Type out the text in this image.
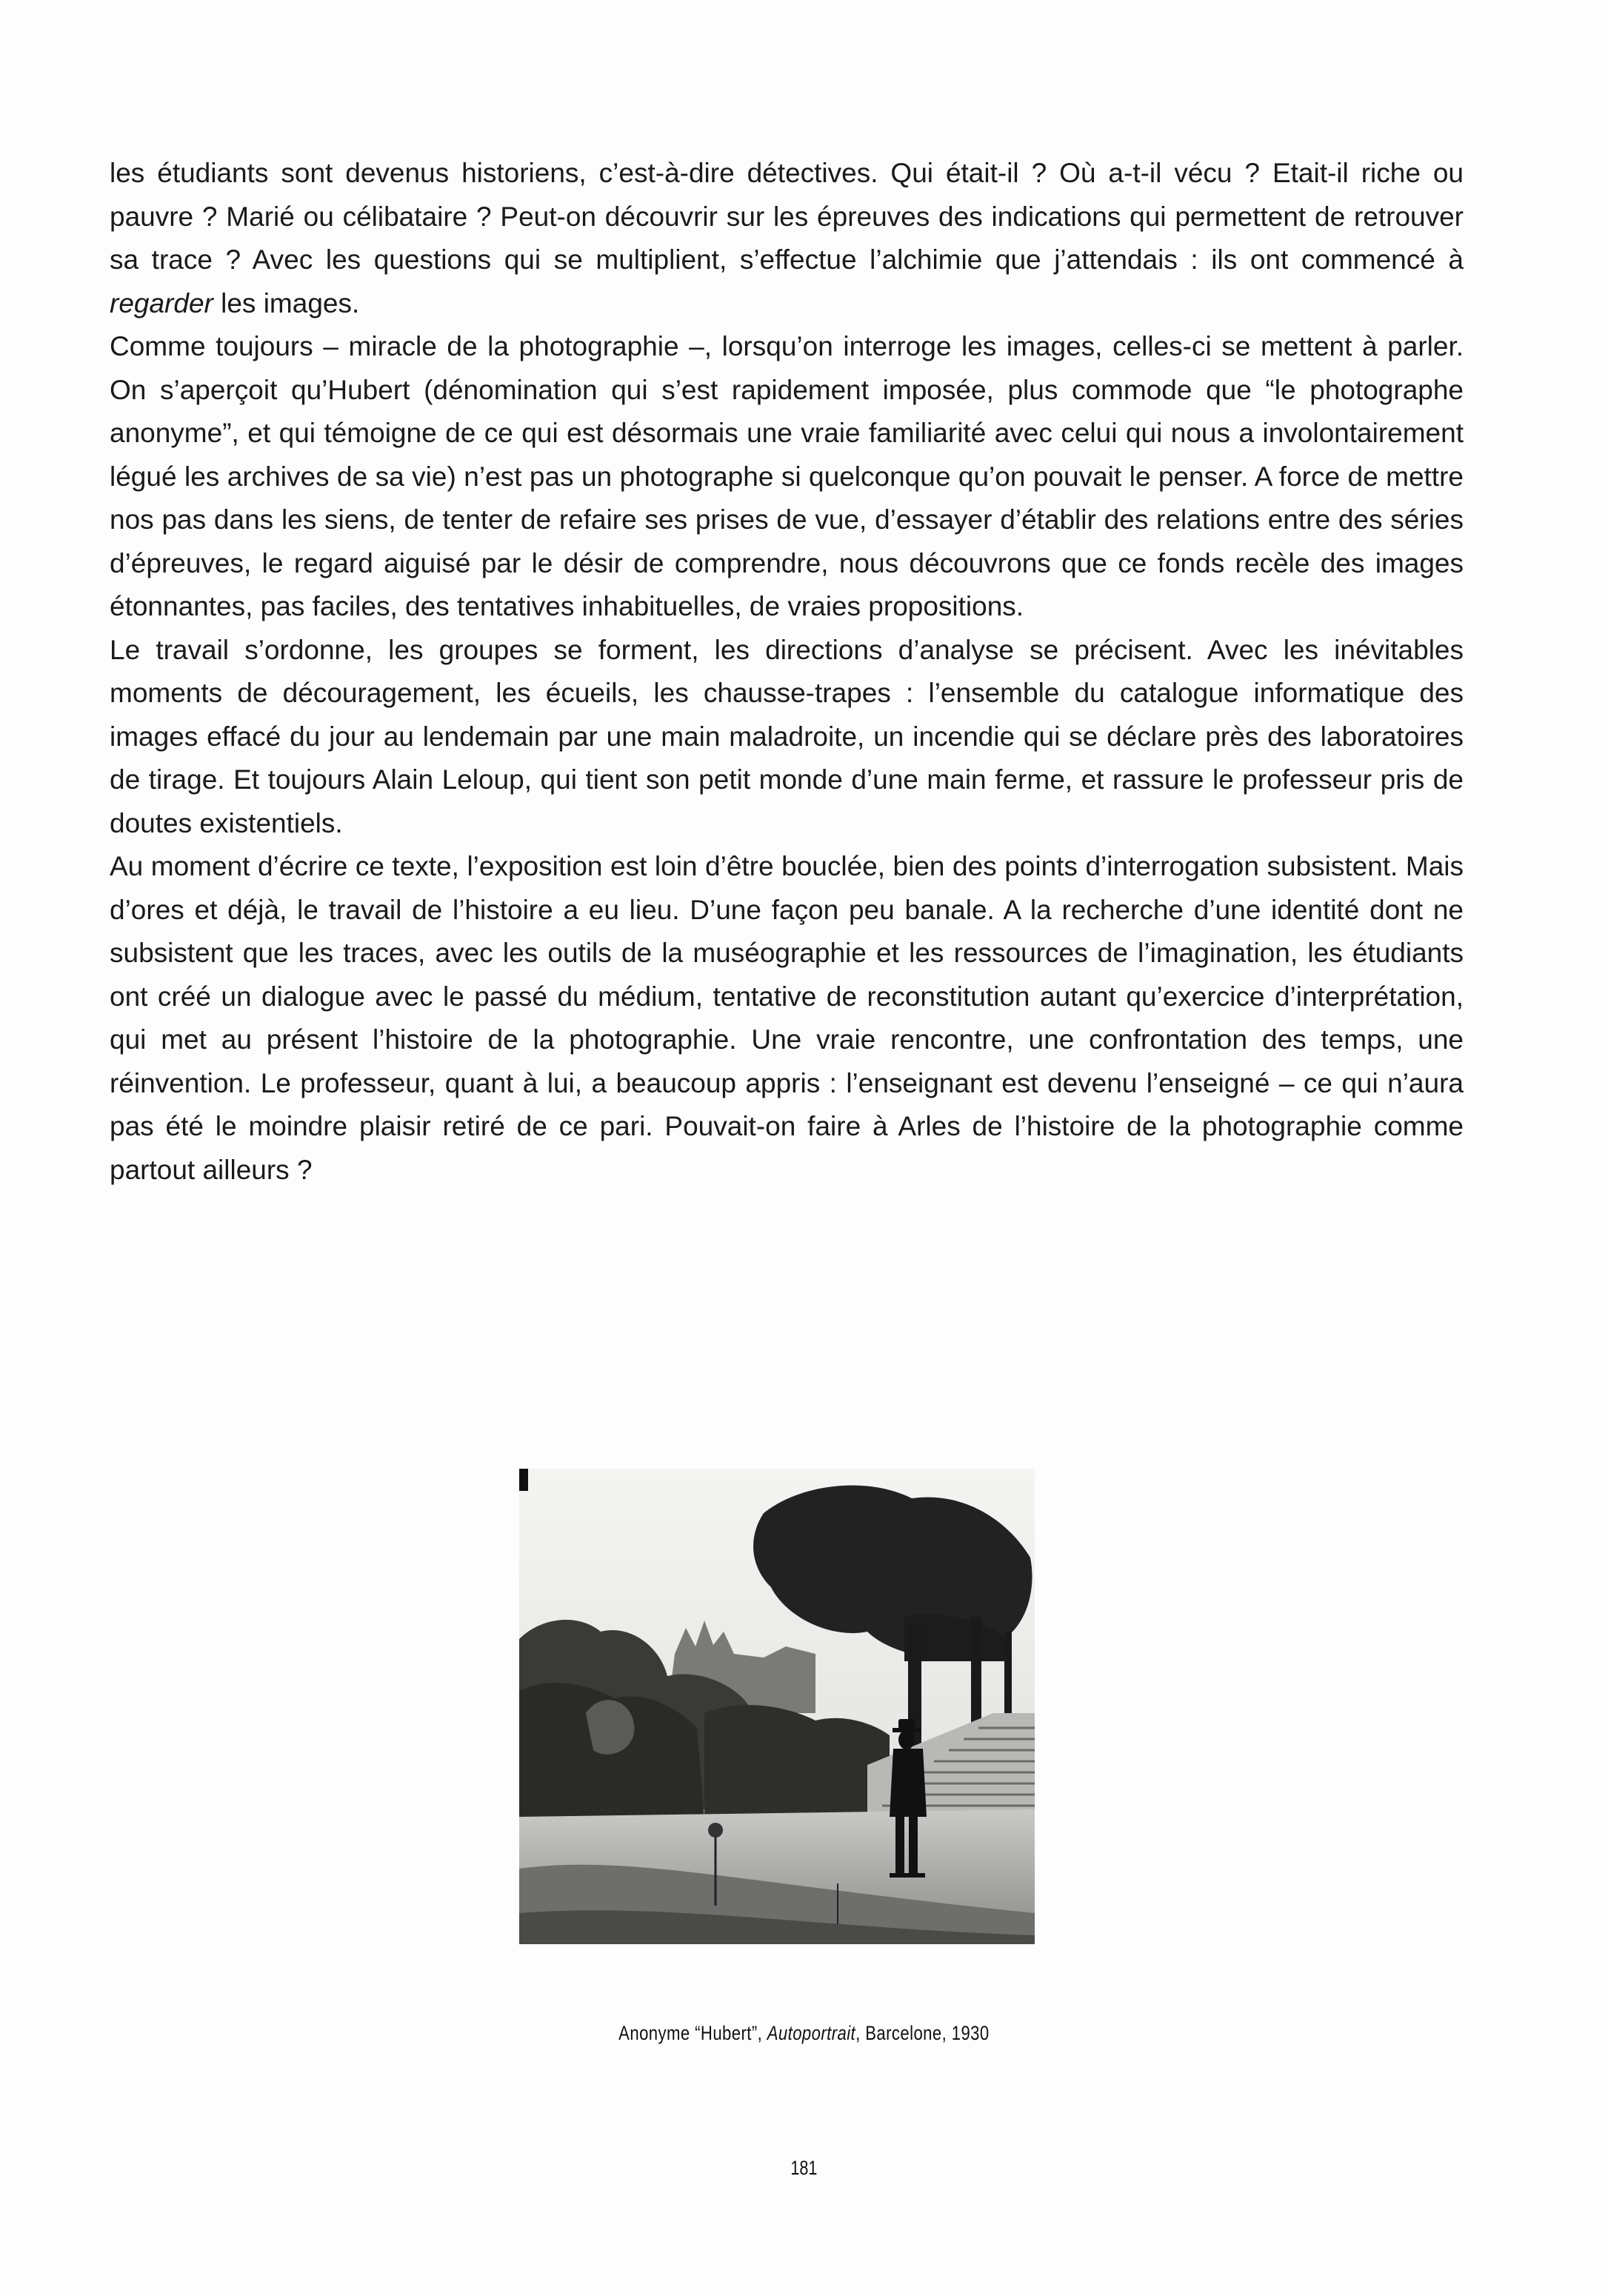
les étudiants sont devenus historiens, c’est-à-dire détectives. Qui était-il ? Où a-t-il vécu ? Etait-il riche ou pauvre ? Marié ou célibataire ? Peut-on découvrir sur les épreuves des indications qui permettent de retrouver sa trace ? Avec les questions qui se multiplient, s’effectue l’alchimie que j’attendais : ils ont commencé à regarder les images.

Comme toujours – miracle de la photographie –, lorsqu’on interroge les images, celles-ci se mettent à parler. On s’aperçoit qu’Hubert (dénomination qui s’est rapidement imposée, plus commode que “le photographe anonyme”, et qui témoigne de ce qui est désormais une vraie familiarité avec celui qui nous a involontairement légué les archives de sa vie) n’est pas un photographe si quelconque qu’on pouvait le penser. A force de mettre nos pas dans les siens, de tenter de refaire ses prises de vue, d’essayer d’établir des relations entre des séries d’épreuves, le regard aiguisé par le désir de comprendre, nous découvrons que ce fonds recèle des images étonnantes, pas faciles, des tentatives inhabituelles, de vraies propositions.

Le travail s’ordonne, les groupes se forment, les directions d’analyse se précisent. Avec les inévitables moments de découragement, les écueils, les chausse-trapes : l’ensemble du catalogue informatique des images effacé du jour au lendemain par une main maladroite, un incendie qui se déclare près des laboratoires de tirage. Et toujours Alain Leloup, qui tient son petit monde d’une main ferme, et rassure le professeur pris de doutes existentiels.

Au moment d’écrire ce texte, l’exposition est loin d’être bouclée, bien des points d’interrogation subsistent. Mais d’ores et déjà, le travail de l’histoire a eu lieu. D’une façon peu banale. A la recherche d’une identité dont ne subsistent que les traces, avec les outils de la muséographie et les ressources de l’imagination, les étudiants ont créé un dialogue avec le passé du médium, tentative de reconstitution autant qu’exercice d’interprétation, qui met au présent l’histoire de la photographie. Une vraie rencontre, une confrontation des temps, une réinvention. Le professeur, quant à lui, a beaucoup appris : l’enseignant est devenu l’enseigné – ce qui n’aura pas été le moindre plaisir retiré de ce pari. Pouvait-on faire à Arles de l’histoire de la photographie comme partout ailleurs ?

Anonyme “Hubert”, Autoportrait, Barcelone, 1930
181
